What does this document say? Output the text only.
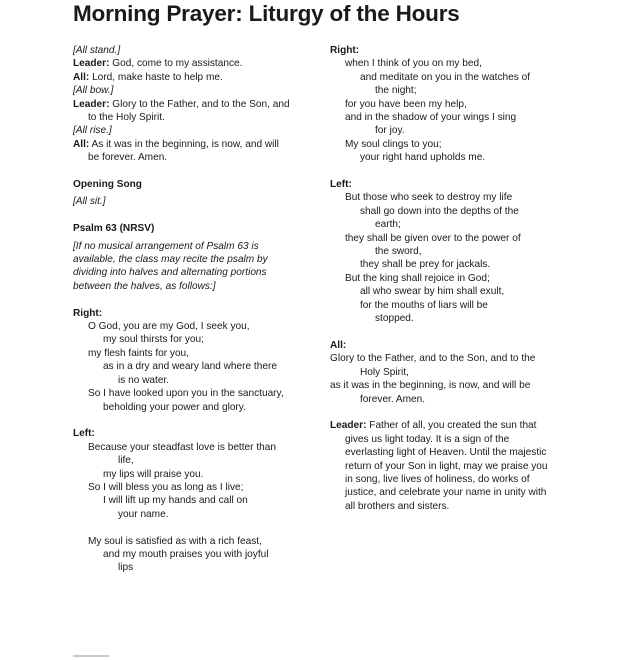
Morning Prayer: Liturgy of the Hours
[All stand.]
Leader: God, come to my assistance.
All: Lord, make haste to help me.
[All bow.]
Leader: Glory to the Father, and to the Son, and
to the Holy Spirit.
[All rise.]
All: As it was in the beginning, is now, and will
be forever. Amen.
Opening Song
[All sit.]
Psalm 63 (NRSV)
[If no musical arrangement of Psalm 63 is
available, the class may recite the psalm by
dividing into halves and alternating portions
between the halves, as follows:]
Right:
O God, you are my God, I seek you,
my soul thirsts for you;
my flesh faints for you,
as in a dry and weary land where there
is no water.
So I have looked upon you in the sanctuary,
beholding your power and glory.
Left:
Because your steadfast love is better than
life,
my lips will praise you.
So I will bless you as long as I live;
I will lift up my hands and call on
your name.
My soul is satisfied as with a rich feast,
and my mouth praises you with joyful
lips
Right:
when I think of you on my bed,
and meditate on you in the watches of
the night;
for you have been my help,
and in the shadow of your wings I sing
for joy.
My soul clings to you;
your right hand upholds me.
Left:
But those who seek to destroy my life
shall go down into the depths of the
earth;
they shall be given over to the power of
the sword,
they shall be prey for jackals.
But the king shall rejoice in God;
all who swear by him shall exult,
for the mouths of liars will be
stopped.
All:
Glory to the Father, and to the Son, and to the
Holy Spirit,
as it was in the beginning, is now, and will be
forever. Amen.
Leader: Father of all, you created the sun that
gives us light today. It is a sign of the
everlasting light of Heaven. Until the majestic
return of your Son in light, may we praise you
in song, live lives of holiness, do works of
justice, and celebrate your name in unity with
all brothers and sisters.
